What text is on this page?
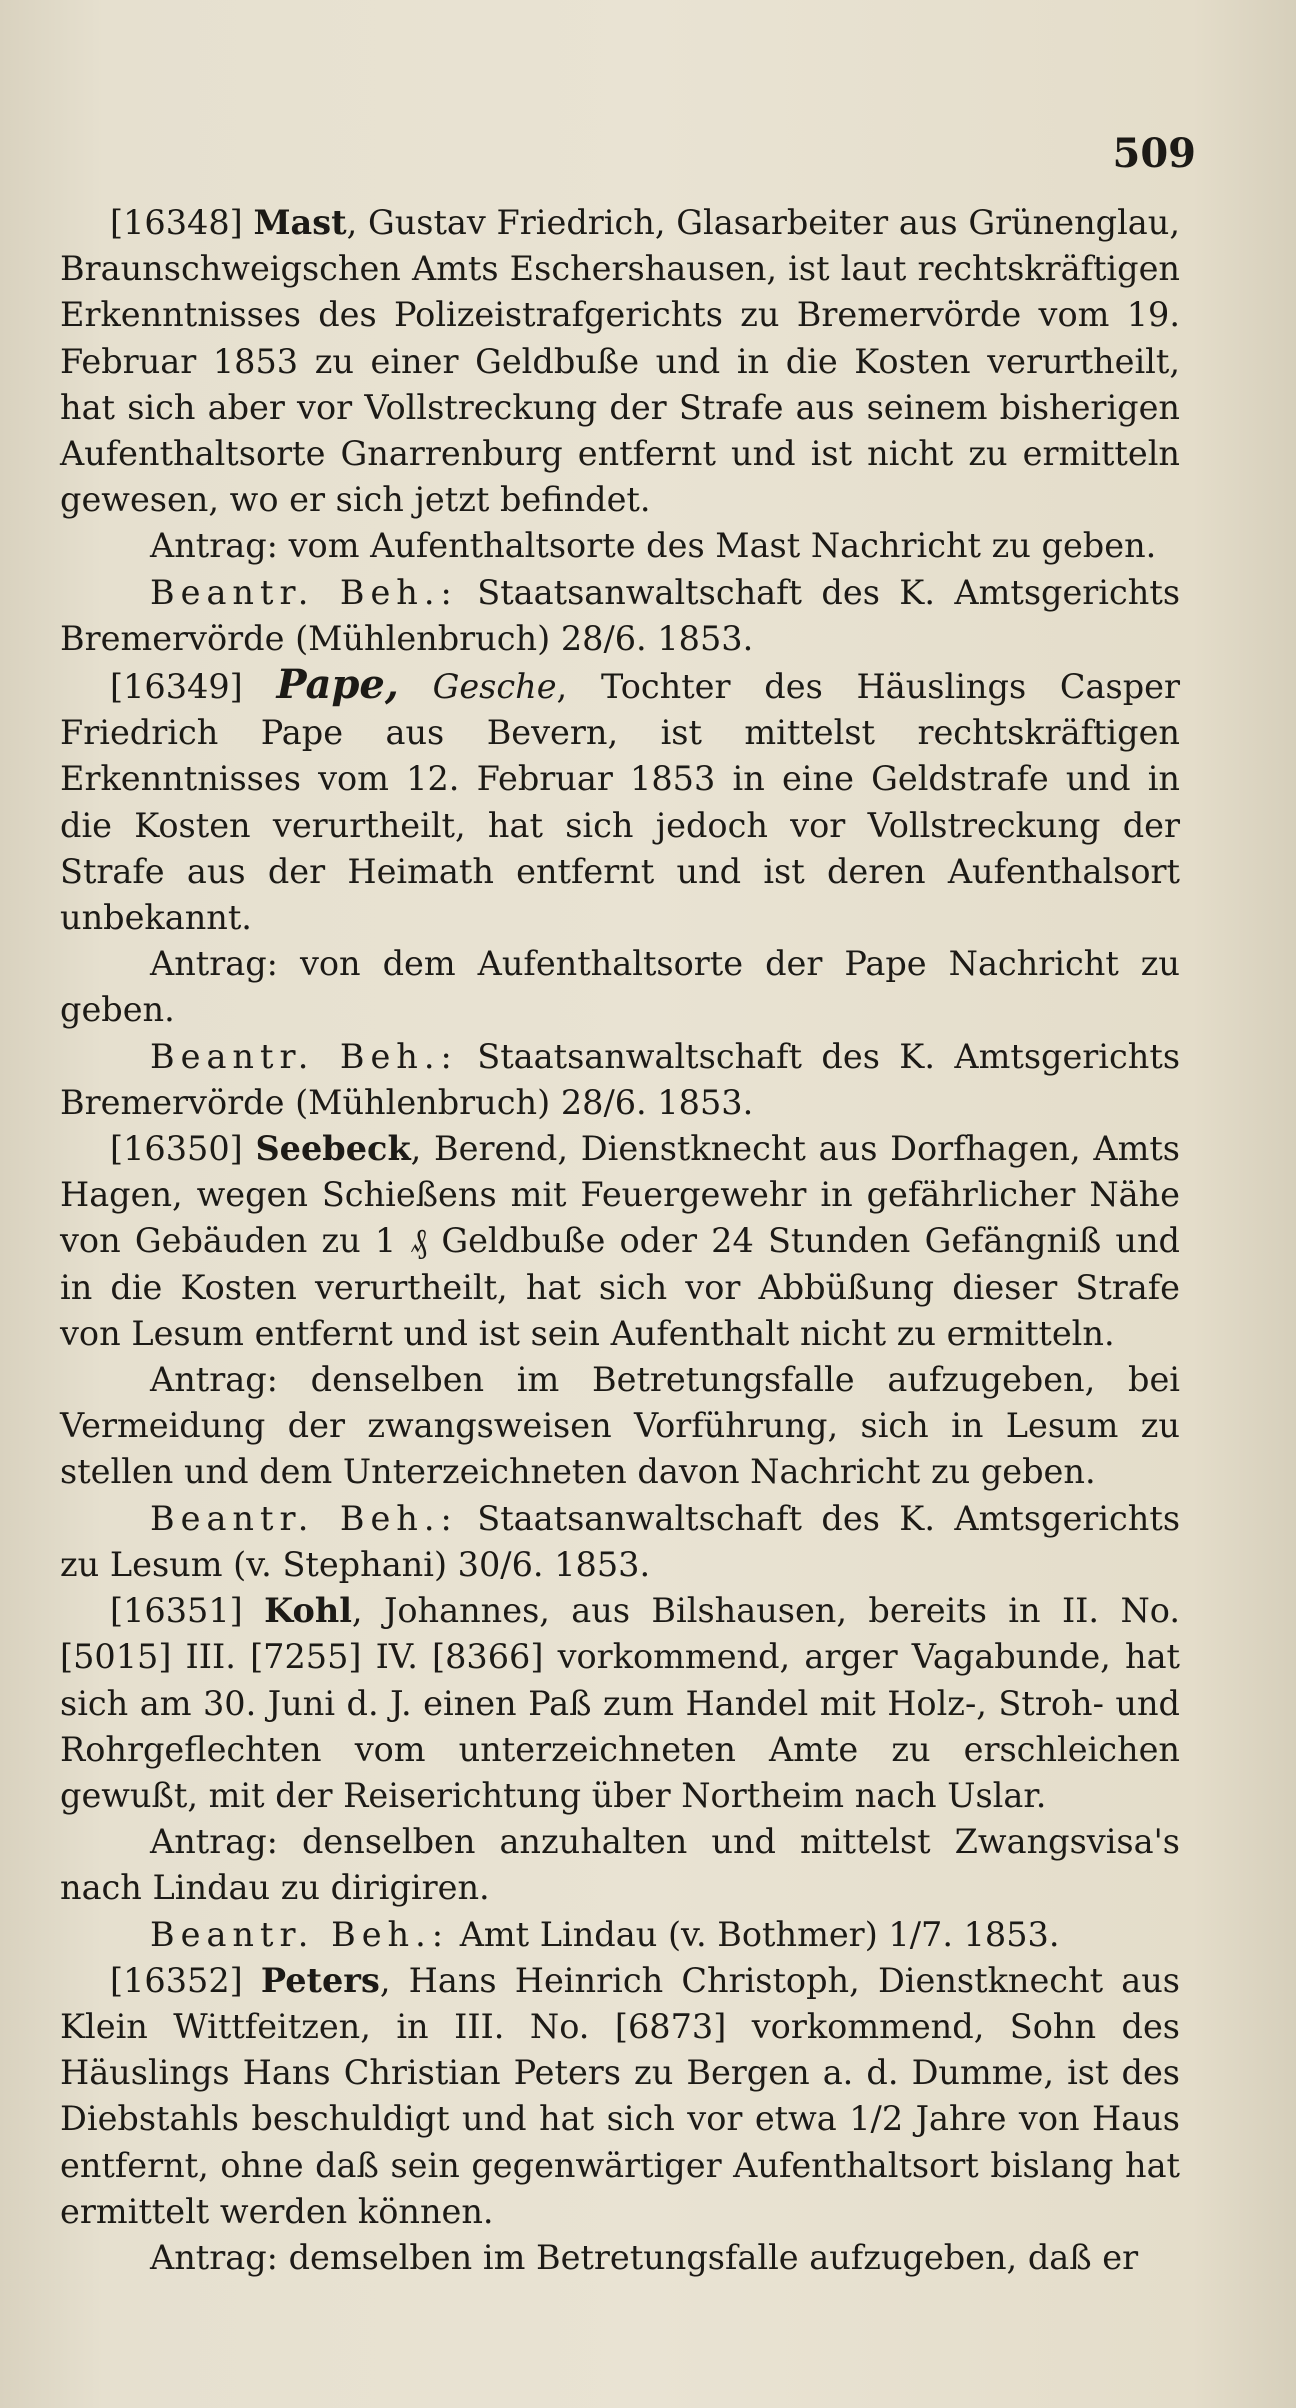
509

[16348] Mast, Gustav Friedrich, Glasarbeiter aus Grünenglau, Braunschweigschen Amts Eschershausen, ist laut rechtskräftigen Erkenntnisses des Polizeistrafgerichts zu Bremervörde vom 19. Februar 1853 zu einer Geldbuße und in die Kosten verurtheilt, hat sich aber vor Vollstreckung der Strafe aus seinem bisherigen Aufenthaltsorte Gnarrenburg entfernt und ist nicht zu ermitteln gewesen, wo er sich jetzt befindet.

Antrag: vom Aufenthaltsorte des Mast Nachricht zu geben.

Beantr. Beh.: Staatsanwaltschaft des K. Amtsgerichts Bremervörde (Mühlenbruch) 28/6. 1853.

[16349] Pape, Gesche, Tochter des Häuslings Casper Friedrich Pape aus Bevern, ist mittelst rechtskräftigen Erkenntnisses vom 12. Februar 1853 in eine Geldstrafe und in die Kosten verurtheilt, hat sich jedoch vor Vollstreckung der Strafe aus der Heimath entfernt und ist deren Aufenthalsort unbekannt.

Antrag: von dem Aufenthaltsorte der Pape Nachricht zu geben.

Beantr. Beh.: Staatsanwaltschaft des K. Amtsgerichts Bremervörde (Mühlenbruch) 28/6. 1853.

[16350] Seebeck, Berend, Dienstknecht aus Dorfhagen, Amts Hagen, wegen Schießens mit Feuergewehr in gefährlicher Nähe von Gebäuden zu 1 ₰ Geldbuße oder 24 Stunden Gefängniß und in die Kosten verurtheilt, hat sich vor Abbüßung dieser Strafe von Lesum entfernt und ist sein Aufenthalt nicht zu ermitteln.

Antrag: denselben im Betretungsfalle aufzugeben, bei Vermeidung der zwangsweisen Vorführung, sich in Lesum zu stellen und dem Unterzeichneten davon Nachricht zu geben.

Beantr. Beh.: Staatsanwaltschaft des K. Amtsgerichts zu Lesum (v. Stephani) 30/6. 1853.

[16351] Kohl, Johannes, aus Bilshausen, bereits in II. No. [5015] III. [7255] IV. [8366] vorkommend, arger Vagabunde, hat sich am 30. Juni d. J. einen Paß zum Handel mit Holz-, Stroh- und Rohrgeflechten vom unterzeichneten Amte zu erschleichen gewußt, mit der Reiserichtung über Northeim nach Uslar.

Antrag: denselben anzuhalten und mittelst Zwangsvisa's nach Lindau zu dirigiren.

Beantr. Beh.: Amt Lindau (v. Bothmer) 1/7. 1853.

[16352] Peters, Hans Heinrich Christoph, Dienstknecht aus Klein Wittfeitzen, in III. No. [6873] vorkommend, Sohn des Häuslings Hans Christian Peters zu Bergen a. d. Dumme, ist des Diebstahls beschuldigt und hat sich vor etwa 1/2 Jahre von Haus entfernt, ohne daß sein gegenwärtiger Aufenthaltsort bislang hat ermittelt werden können.

Antrag: demselben im Betretungsfalle aufzugeben, daß er
